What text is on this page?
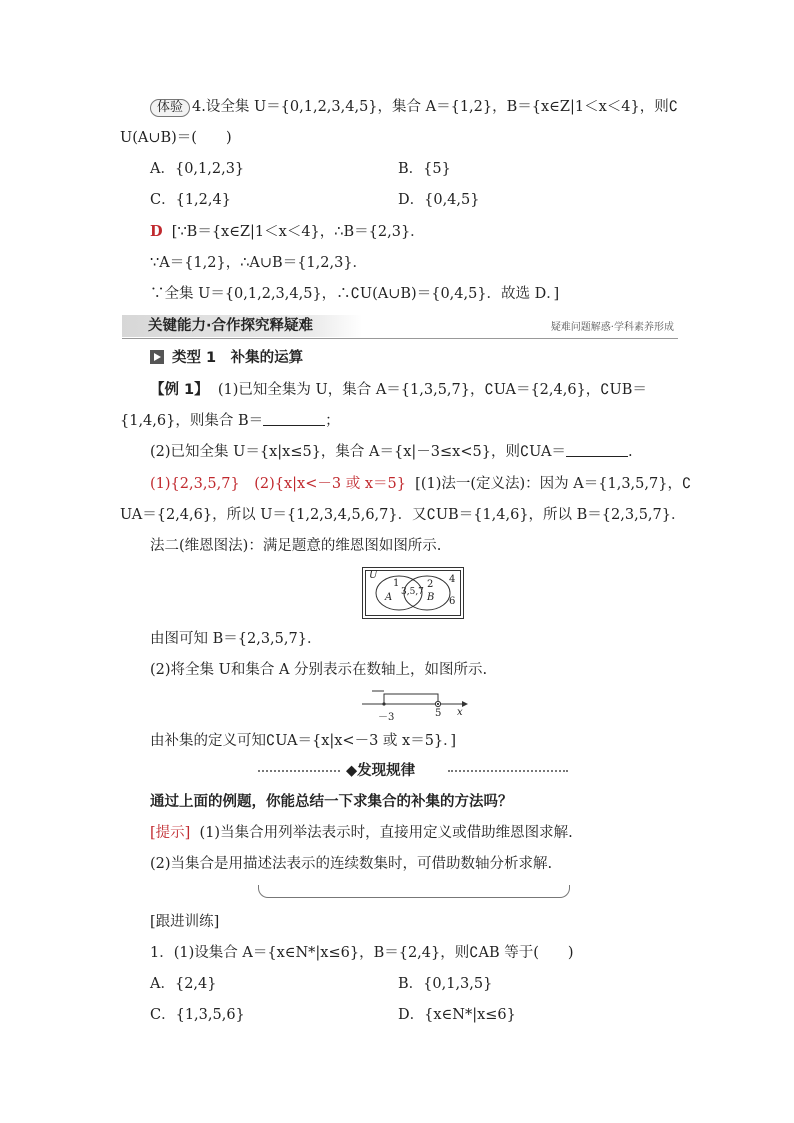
体验 4.设全集 U＝{0,1,2,3,4,5}，集合 A＝{1,2}，B＝{x∈Z|1＜x＜4}，则∁
U(A∪B)＝(　　)
A．{0,1,2,3}	B．{5}
C．{1,2,4}	D．{0,4,5}
D [∵B＝{x∈Z|1＜x＜4}，∴B＝{2,3}．
∵A＝{1,2}，∴A∪B＝{1,2,3}．
∵全集 U＝{0,1,2,3,4,5}，∴∁U(A∪B)＝{0,4,5}．故选 D．]
关键能力·合作探究释疑难	疑难问题解惑·学科素养形成
类型 1　补集的运算
【例 1】 (1)已知全集为 U，集合 A＝{1,3,5,7}，∁UA＝{2,4,6}，∁UB＝
{1,4,6}，则集合 B＝	；
(2)已知全集 U＝{x|x≤5}，集合 A＝{x|－3≤x<5}，则∁UA＝	.
(1){2,3,5,7}　(2){x|x<－3 或 x＝5} [(1)法一(定义法)：因为 A＝{1,3,5,7}，∁
UA＝{2,4,6}，所以 U＝{1,2,3,4,5,6,7}．又∁UB＝{1,4,6}，所以 B＝{2,3,5,7}．
法二(维恩图法)：满足题意的维恩图如图所示.
U
1
A 3,5,7
2
B
4
6
由图可知 B＝{2,3,5,7}．
(2)将全集 U和集合 A 分别表示在数轴上，如图所示.
－3	5 x
由补集的定义可知∁UA＝{x|x<－3 或 x＝5}．]
◆发现规律
通过上面的例题，你能总结一下求集合的补集的方法吗？
[提示] (1)当集合用列举法表示时，直接用定义或借助维恩图求解.
(2)当集合是用描述法表示的连续数集时，可借助数轴分析求解.
[跟进训练]
1．(1)设集合 A＝{x∈N*|x≤6}，B＝{2,4}，则∁AB 等于(　　)
A．{2,4}	B．{0,1,3,5}
C．{1,3,5,6}	D．{x∈N*|x≤6}
